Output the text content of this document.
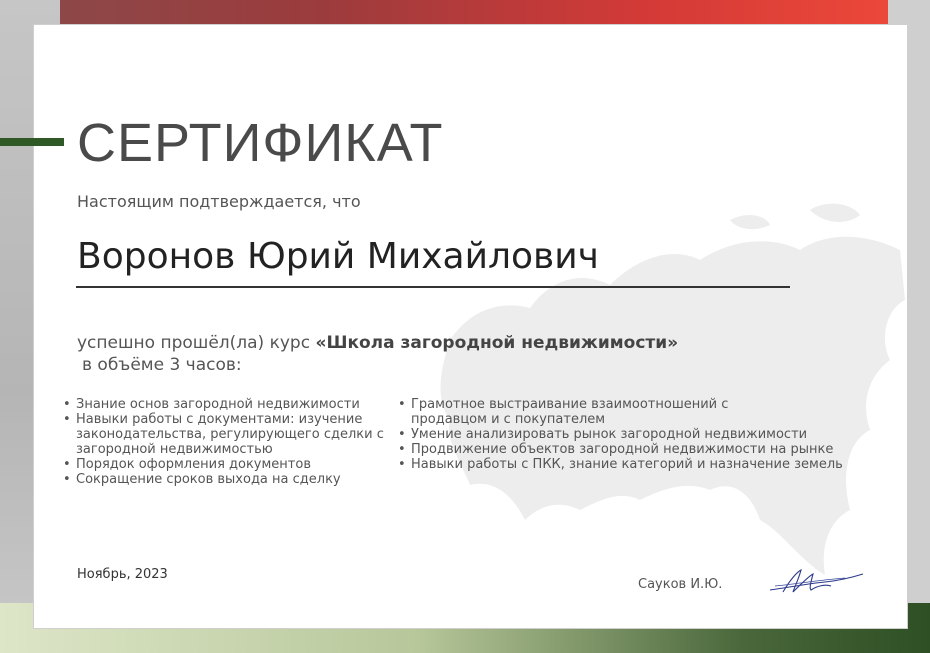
этажи
СЕРТИФИКАТ
Настоящим подтверждается, что
Воронов Юрий Михайлович
успешно прошёл(ла) курс «Школа загородной недвижимости»
в объёме 3 часов:
• Знание основ загородной недвижимости
• Навыки работы с документами: изучение законодательства, регулирующего сделки с загородной недвижимостью
• Порядок оформления документов
• Сокращение сроков выхода на сделку
• Грамотное выстраивание взаимоотношений с продавцом и с покупателем
• Умение анализировать рынок загородной недвижимости
• Продвижение объектов загородной недвижимости на рынке
• Навыки работы с ПКК, знание категорий и назначение земель
Ноябрь, 2023
Сауков И.Ю.
